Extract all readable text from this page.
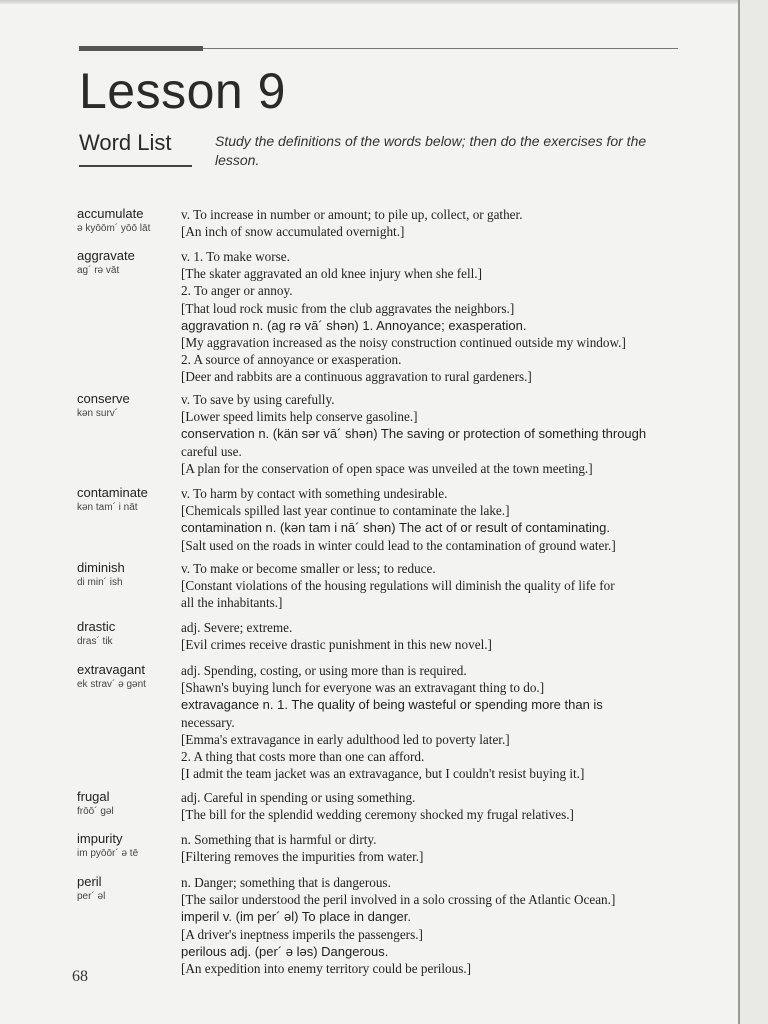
Lesson 9
Word List	Study the definitions of the words below; then do the exercises for the lesson.
accumulate
ə kyōōm´ yōō lāt
v. To increase in number or amount; to pile up, collect, or gather.
[An inch of snow accumulated overnight.]
aggravate
ag´ rə vāt
v. 1. To make worse.
[The skater aggravated an old knee injury when she fell.]
2. To anger or annoy.
[That loud rock music from the club aggravates the neighbors.]
aggravation n. (ag rə vā´ shən) 1. Annoyance; exasperation.
[My aggravation increased as the noisy construction continued outside my window.]
2. A source of annoyance or exasperation.
[Deer and rabbits are a continuous aggravation to rural gardeners.]
conserve
kən surv´
v. To save by using carefully.
[Lower speed limits help conserve gasoline.]
conservation n. (kän sər vā´ shən) The saving or protection of something through
careful use.
[A plan for the conservation of open space was unveiled at the town meeting.]
contaminate
kən tam´ i nāt
v. To harm by contact with something undesirable.
[Chemicals spilled last year continue to contaminate the lake.]
contamination n. (kən tam i nā´ shən) The act of or result of contaminating.
[Salt used on the roads in winter could lead to the contamination of ground water.]
diminish
di min´ ish
v. To make or become smaller or less; to reduce.
[Constant violations of the housing regulations will diminish the quality of life for
all the inhabitants.]
drastic
dras´ tik
adj. Severe; extreme.
[Evil crimes receive drastic punishment in this new novel.]
extravagant
ek strav´ ə gənt
adj. Spending, costing, or using more than is required.
[Shawn's buying lunch for everyone was an extravagant thing to do.]
extravagance n. 1. The quality of being wasteful or spending more than is
necessary.
[Emma's extravagance in early adulthood led to poverty later.]
2. A thing that costs more than one can afford.
[I admit the team jacket was an extravagance, but I couldn't resist buying it.]
frugal
frōō´ gəl
adj. Careful in spending or using something.
[The bill for the splendid wedding ceremony shocked my frugal relatives.]
impurity
im pyōōr´ ə tē
n. Something that is harmful or dirty.
[Filtering removes the impurities from water.]
peril
per´ əl
n. Danger; something that is dangerous.
[The sailor understood the peril involved in a solo crossing of the Atlantic Ocean.]
imperil v. (im per´ əl) To place in danger.
[A driver's ineptness imperils the passengers.]
perilous adj. (per´ ə ləs) Dangerous.
[An expedition into enemy territory could be perilous.]
68
